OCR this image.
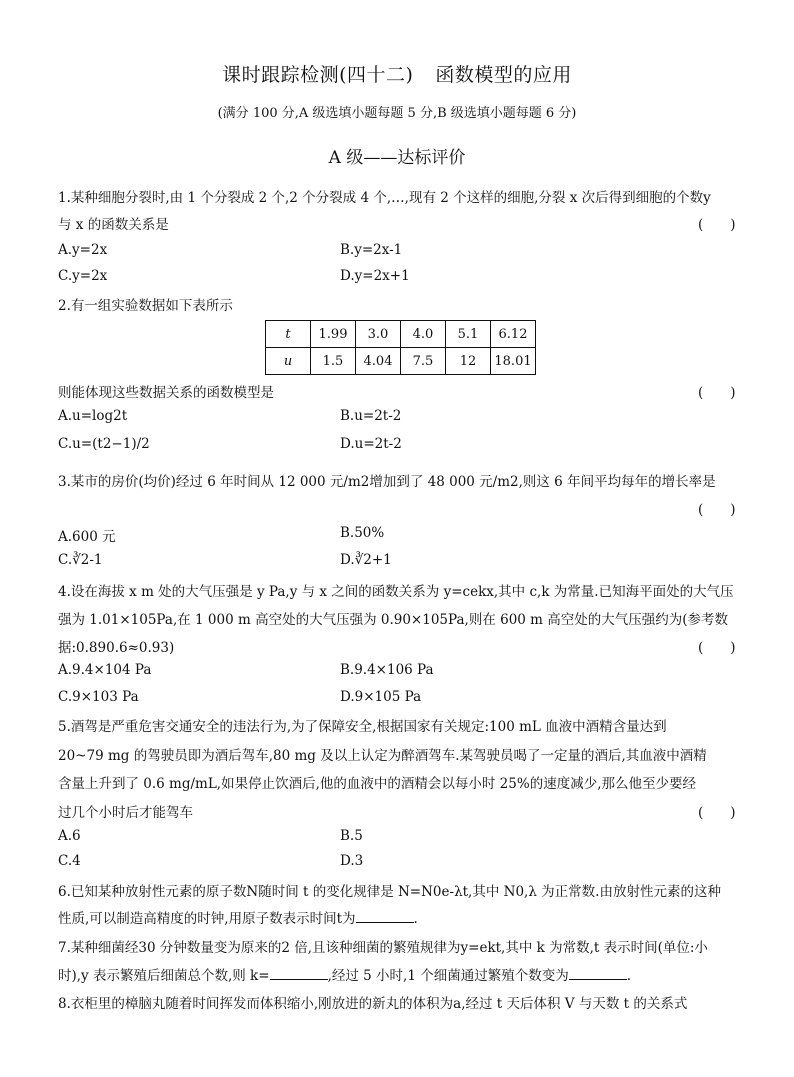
课时跟踪检测(四十二) 函数模型的应用
(满分 100 分,A 级选填小题每题 5 分,B 级选填小题每题 6 分)
A 级——达标评价
1.某种细胞分裂时,由 1 个分裂成 2 个,2 个分裂成 4 个,…,现有 2 个这样的细胞,分裂 x 次后得到细胞的个数y
与 x 的函数关系是	(　　)
A.y=2x	B.y=2x-1
C.y=2x	D.y=2x+1
2.有一组实验数据如下表所示
t	1.99	3.0	4.0	5.1	6.12
u	1.5	4.04	7.5	12	18.01
则能体现这些数据关系的函数模型是	(　　)
A.u=log2t	B.u=2t-2
C.u=(t2−1)/2	D.u=2t-2
3.某市的房价(均价)经过 6 年时间从 12 000 元/m2增加到了 48 000 元/m2,则这 6 年间平均每年的增长率是
(　　)
A.600 元	B.50%
C.∛2-1	D.∛2+1
4.设在海拔 x m 处的大气压强是 y Pa,y 与 x 之间的函数关系为 y=cekx,其中 c,k 为常量.已知海平面处的大气压
强为 1.01×105Pa,在 1 000 m 高空处的大气压强为 0.90×105Pa,则在 600 m 高空处的大气压强约为(参考数
据:0.890.6≈0.93)	(　　)
A.9.4×104 Pa	B.9.4×106 Pa
C.9×103 Pa	D.9×105 Pa
5.酒驾是严重危害交通安全的违法行为,为了保障安全,根据国家有关规定:100 mL 血液中酒精含量达到
20~79 mg 的驾驶员即为酒后驾车,80 mg 及以上认定为醉酒驾车.某驾驶员喝了一定量的酒后,其血液中酒精
含量上升到了 0.6 mg/mL,如果停止饮酒后,他的血液中的酒精会以每小时 25%的速度减少,那么他至少要经
过几个小时后才能驾车	(　　)
A.6	B.5
C.4	D.3
6.已知某种放射性元素的原子数N随时间 t 的变化规律是 N=N0e-λt,其中 N0,λ 为正常数.由放射性元素的这种
性质,可以制造高精度的时钟,用原子数表示时间t为	.
7.某种细菌经30 分钟数量变为原来的2 倍,且该种细菌的繁殖规律为y=ekt,其中 k 为常数,t 表示时间(单位:小
时),y 表示繁殖后细菌总个数,则 k=	,经过 5 小时,1 个细菌通过繁殖个数变为	.
8.衣柜里的樟脑丸随着时间挥发而体积缩小,刚放进的新丸的体积为a,经过 t 天后体积 V 与天数 t 的关系式
